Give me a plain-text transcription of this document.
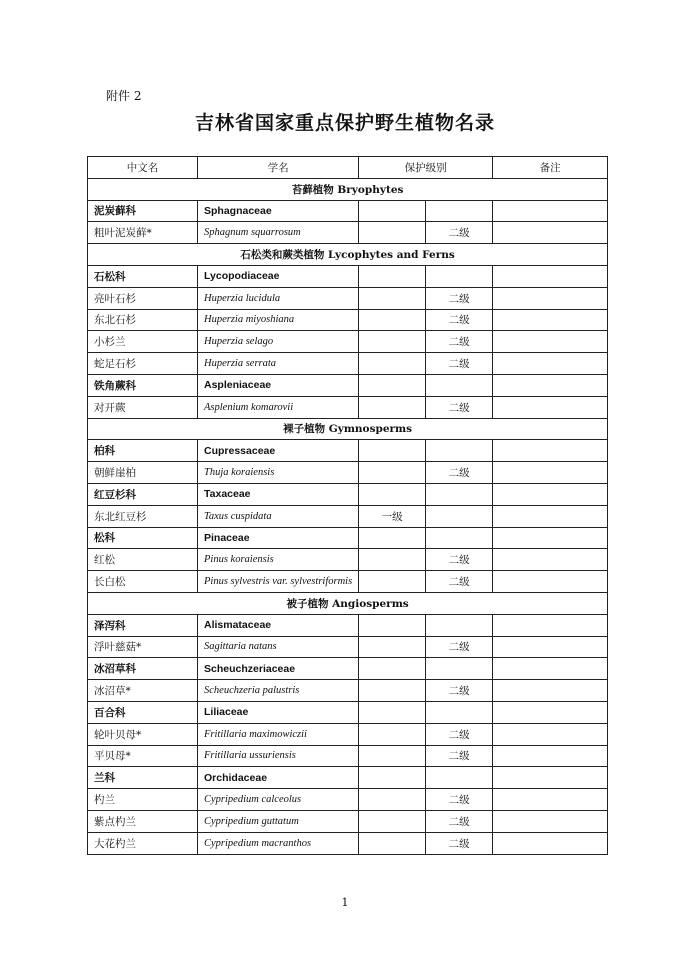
附件 2
吉林省国家重点保护野生植物名录
中文名	学名	保护级别		备注
苔藓植物 Bryophytes				
泥炭藓科	Sphagnaceae			
粗叶泥炭藓*	Sphagnum squarrosum		二级	
石松类和蕨类植物 Lycophytes and Ferns				
石松科	Lycopodiaceae			
亮叶石杉	Huperzia lucidula		二级	
东北石杉	Huperzia miyoshiana		二级	
小杉兰	Huperzia selago		二级	
蛇足石杉	Huperzia serrata		二级	
铁角蕨科	Aspleniaceae			
对开蕨	Asplenium komarovii		二级	
裸子植物 Gymnosperms				
柏科	Cupressaceae			
朝鲜崖柏	Thuja koraiensis		二级	
红豆杉科	Taxaceae			
东北红豆杉	Taxus cuspidata	一级		
松科	Pinaceae			
红松	Pinus koraiensis		二级	
长白松	Pinus sylvestris var. sylvestriformis		二级	
被子植物 Angiosperms				
泽泻科	Alismataceae			
浮叶慈菇*	Sagittaria natans		二级	
冰沼草科	Scheuchzeriaceae			
冰沼草*	Scheuchzeria palustris		二级	
百合科	Liliaceae			
轮叶贝母*	Fritillaria maximowiczii		二级	
平贝母*	Fritillaria ussuriensis		二级	
兰科	Orchidaceae			
杓兰	Cypripedium calceolus		二级	
紫点杓兰	Cypripedium guttatum		二级	
大花杓兰	Cypripedium macranthos		二级	
1
